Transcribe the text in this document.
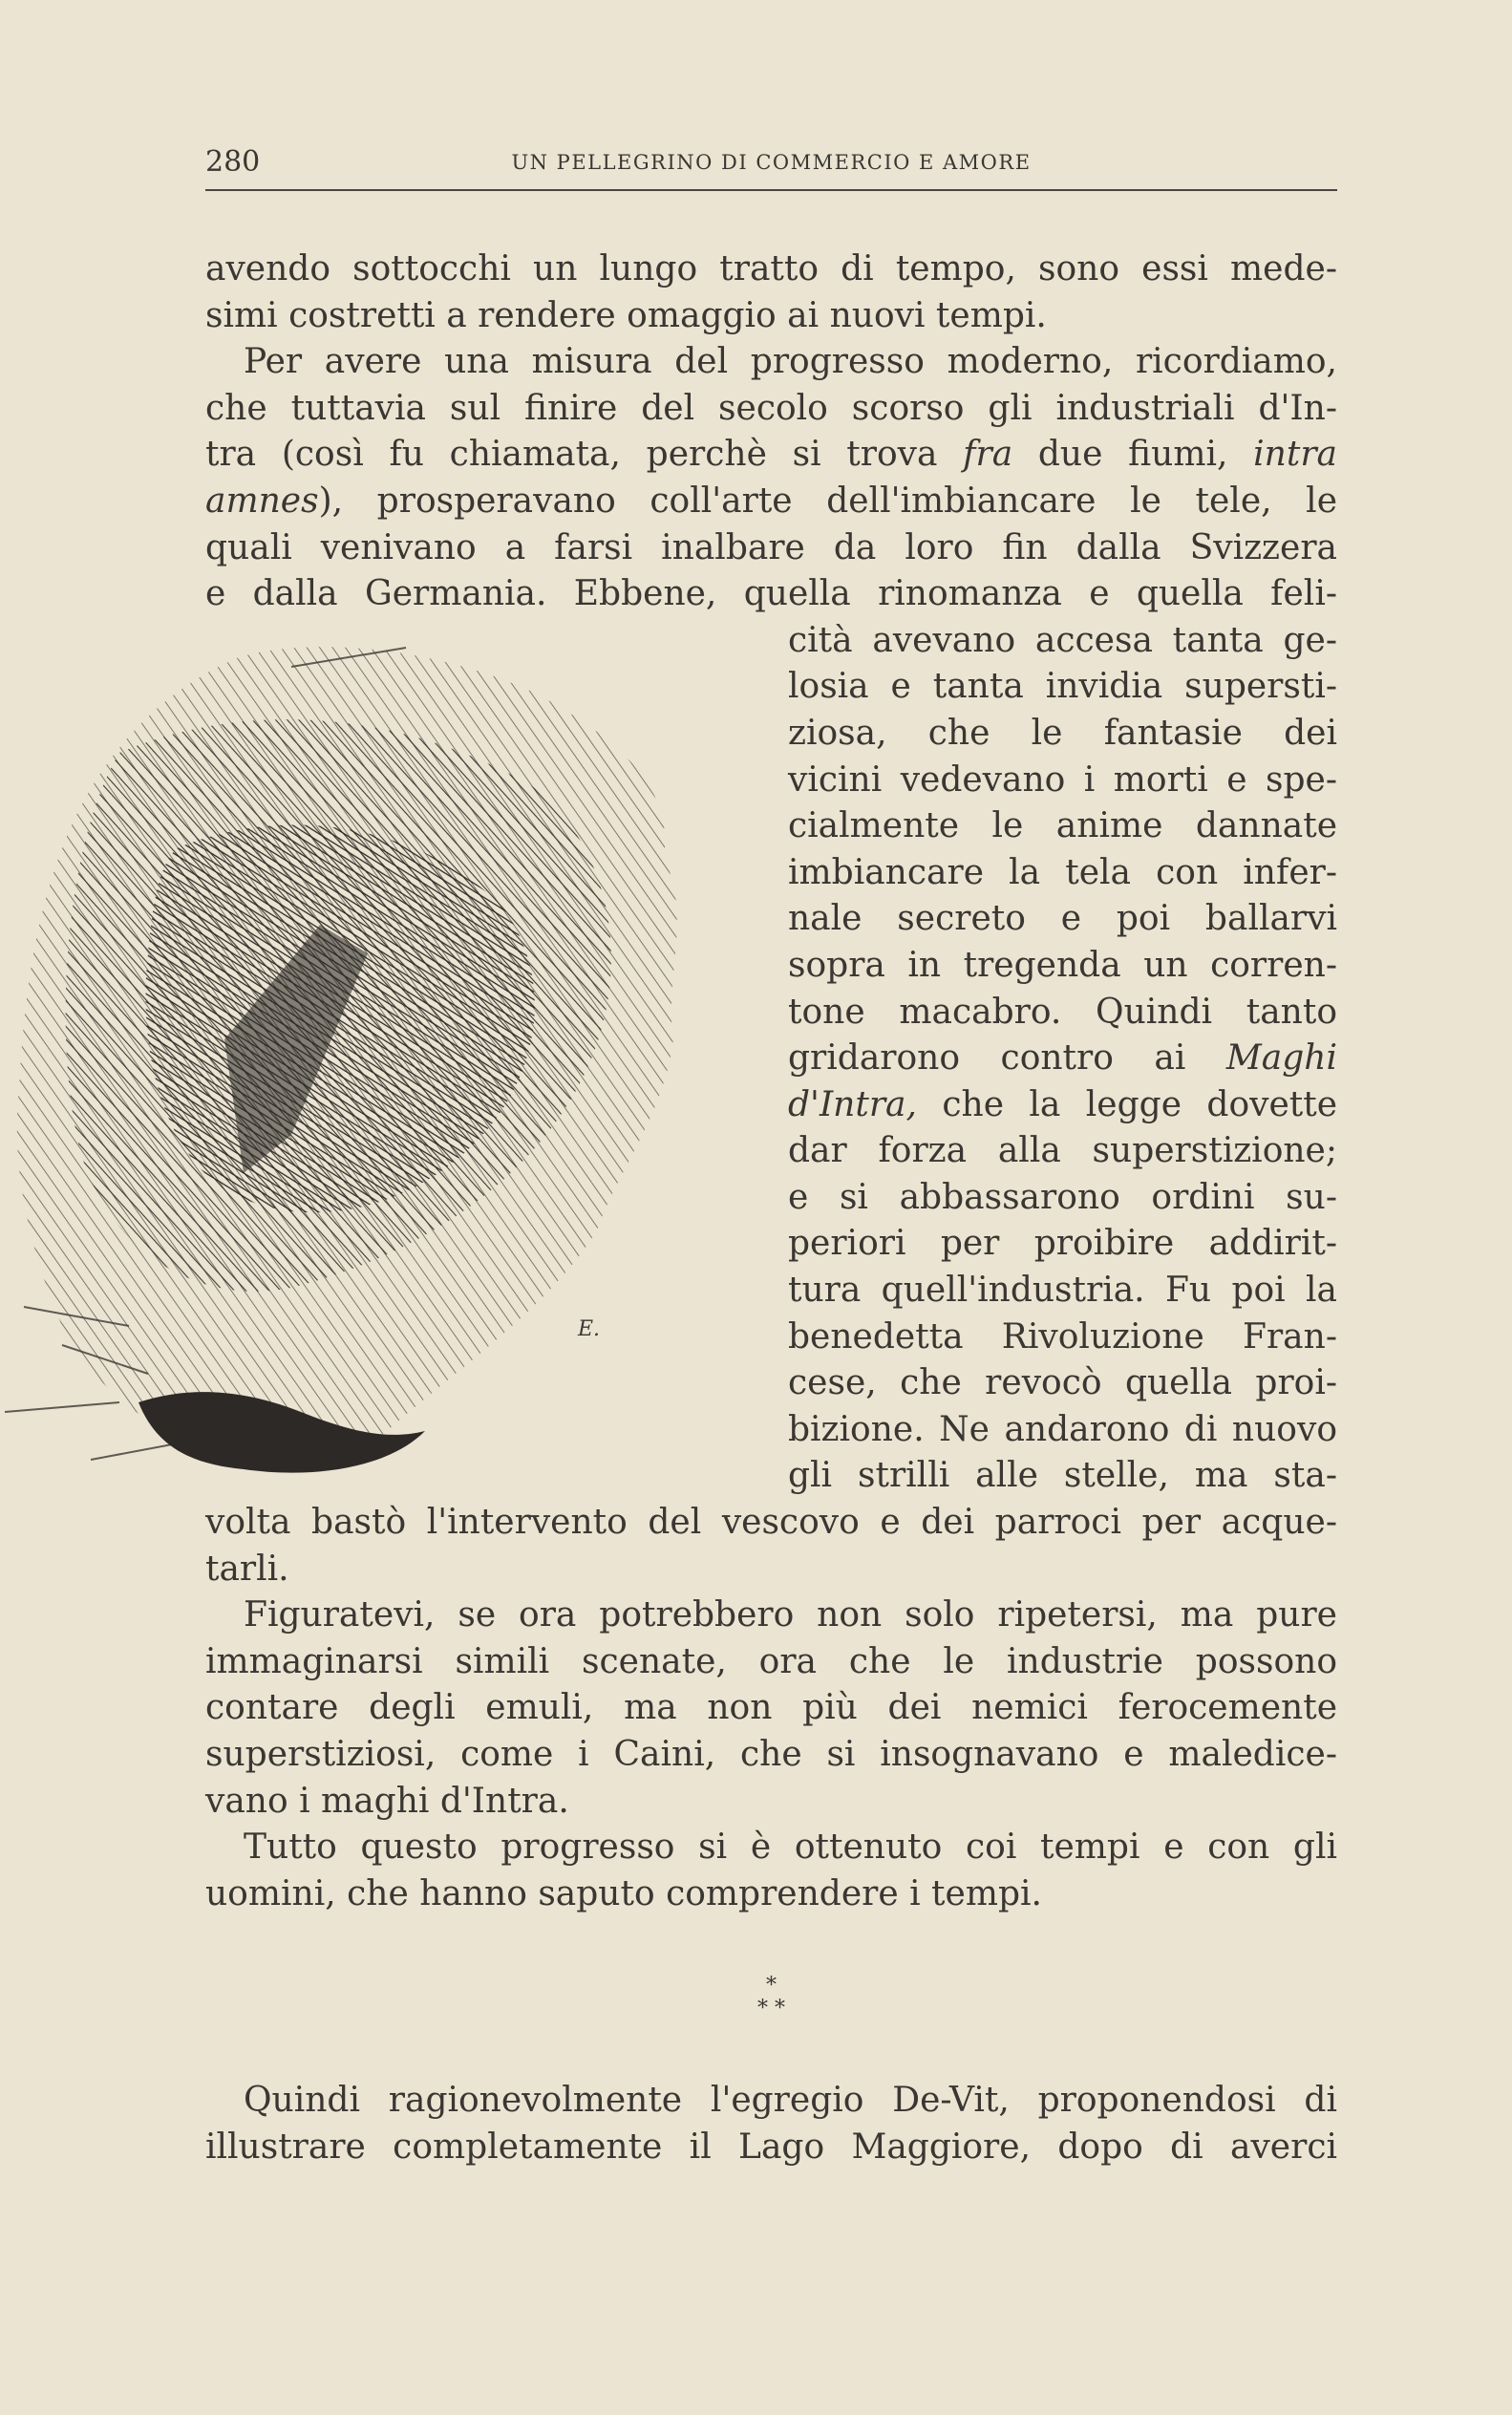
280	UN PELLEGRINO DI COMMERCIO E AMORE
E.
avendo sottocchi un lungo tratto di tempo, sono essi mede-
simi costretti a rendere omaggio ai nuovi tempi.
Per avere una misura del progresso moderno, ricordiamo,
che tuttavia sul finire del secolo scorso gli industriali d'In-
tra (così fu chiamata, perchè si trova fra due fiumi, intra
amnes), prosperavano coll'arte dell'imbiancare le tele, le
quali venivano a farsi inalbare da loro fin dalla Svizzera
e dalla Germania. Ebbene, quella rinomanza e quella feli-
cità avevano accesa tanta ge-
losia e tanta invidia supersti-
ziosa, che le fantasie dei
vicini vedevano i morti e spe-
cialmente le anime dannate
imbiancare la tela con infer-
nale secreto e poi ballarvi
sopra in tregenda un corren-
tone macabro. Quindi tanto
gridarono contro ai Maghi
d'Intra, che la legge dovette
dar forza alla superstizione;
e si abbassarono ordini su-
periori per proibire addirit-
tura quell'industria. Fu poi la
benedetta Rivoluzione Fran-
cese, che revocò quella proi-
bizione. Ne andarono di nuovo
gli strilli alle stelle, ma sta-
volta bastò l'intervento del vescovo e dei parroci per acque-
tarli.
Figuratevi, se ora potrebbero non solo ripetersi, ma pure
immaginarsi simili scenate, ora che le industrie possono
contare degli emuli, ma non più dei nemici ferocemente
superstiziosi, come i Caini, che si insognavano e maledice-
vano i maghi d'Intra.
Tutto questo progresso si è ottenuto coi tempi e con gli
uomini, che hanno saputo comprendere i tempi.
*
* *
Quindi ragionevolmente l'egregio De-Vit, proponendosi di
illustrare completamente il Lago Maggiore, dopo di averci
